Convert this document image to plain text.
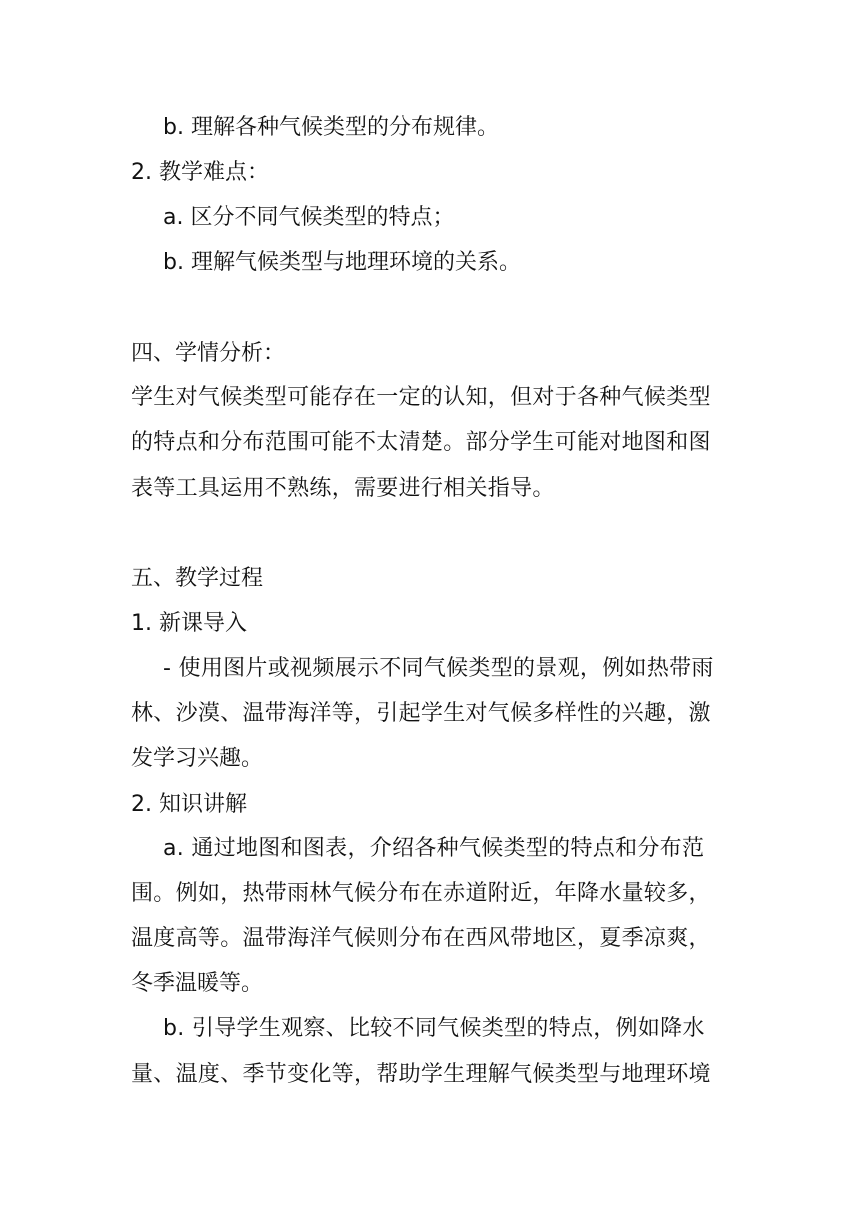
b. 理解各种气候类型的分布规律。
2. 教学难点：
a. 区分不同气候类型的特点；
b. 理解气候类型与地理环境的关系。
四、学情分析：
学生对气候类型可能存在一定的认知，但对于各种气候类型
的特点和分布范围可能不太清楚。部分学生可能对地图和图
表等工具运用不熟练，需要进行相关指导。
五、教学过程
1. 新课导入
- 使用图片或视频展示不同气候类型的景观，例如热带雨
林、沙漠、温带海洋等，引起学生对气候多样性的兴趣，激
发学习兴趣。
2. 知识讲解
a. 通过地图和图表，介绍各种气候类型的特点和分布范
围。例如，热带雨林气候分布在赤道附近，年降水量较多，
温度高等。温带海洋气候则分布在西风带地区，夏季凉爽，
冬季温暖等。
b. 引导学生观察、比较不同气候类型的特点，例如降水
量、温度、季节变化等，帮助学生理解气候类型与地理环境
